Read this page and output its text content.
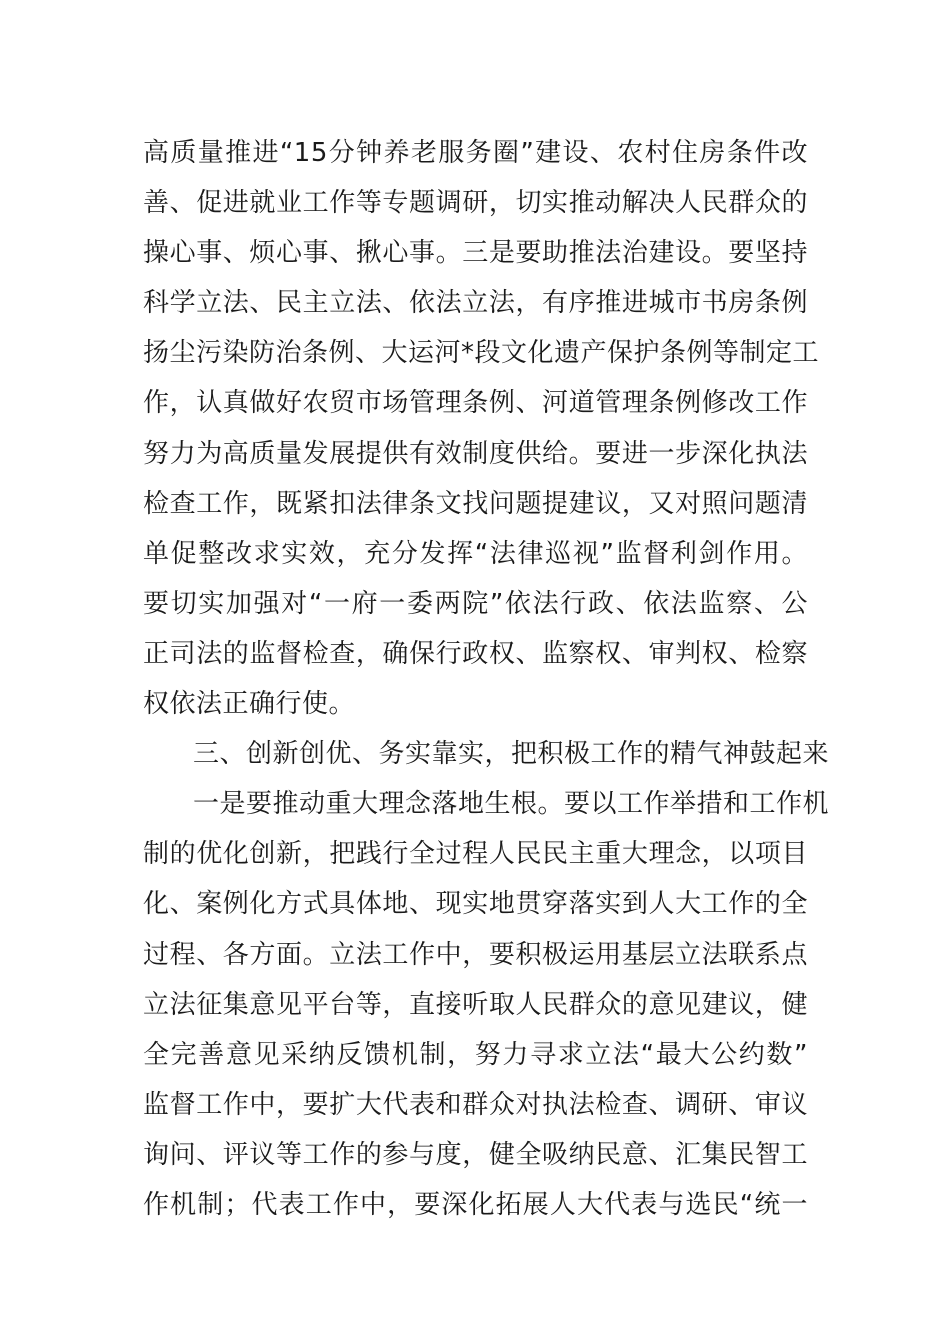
高质量推进“15分钟养老服务圈”建设、农村住房条件改
善、促进就业工作等专题调研，切实推动解决人民群众的
操心事、烦心事、揪心事。三是要助推法治建设。要坚持
科学立法、民主立法、依法立法，有序推进城市书房条例
扬尘污染防治条例、大运河*段文化遗产保护条例等制定工
作，认真做好农贸市场管理条例、河道管理条例修改工作
努力为高质量发展提供有效制度供给。要进一步深化执法
检查工作，既紧扣法律条文找问题提建议，又对照问题清
单促整改求实效，充分发挥“法律巡视”监督利剑作用。
要切实加强对“一府一委两院”依法行政、依法监察、公
正司法的监督检查，确保行政权、监察权、审判权、检察
权依法正确行使。
三、创新创优、务实靠实，把积极工作的精气神鼓起来
一是要推动重大理念落地生根。要以工作举措和工作机
制的优化创新，把践行全过程人民民主重大理念，以项目
化、案例化方式具体地、现实地贯穿落实到人大工作的全
过程、各方面。立法工作中，要积极运用基层立法联系点
立法征集意见平台等，直接听取人民群众的意见建议，健
全完善意见采纳反馈机制，努力寻求立法“最大公约数”
监督工作中，要扩大代表和群众对执法检查、调研、审议
询问、评议等工作的参与度，健全吸纳民意、汇集民智工
作机制；代表工作中，要深化拓展人大代表与选民“统一
